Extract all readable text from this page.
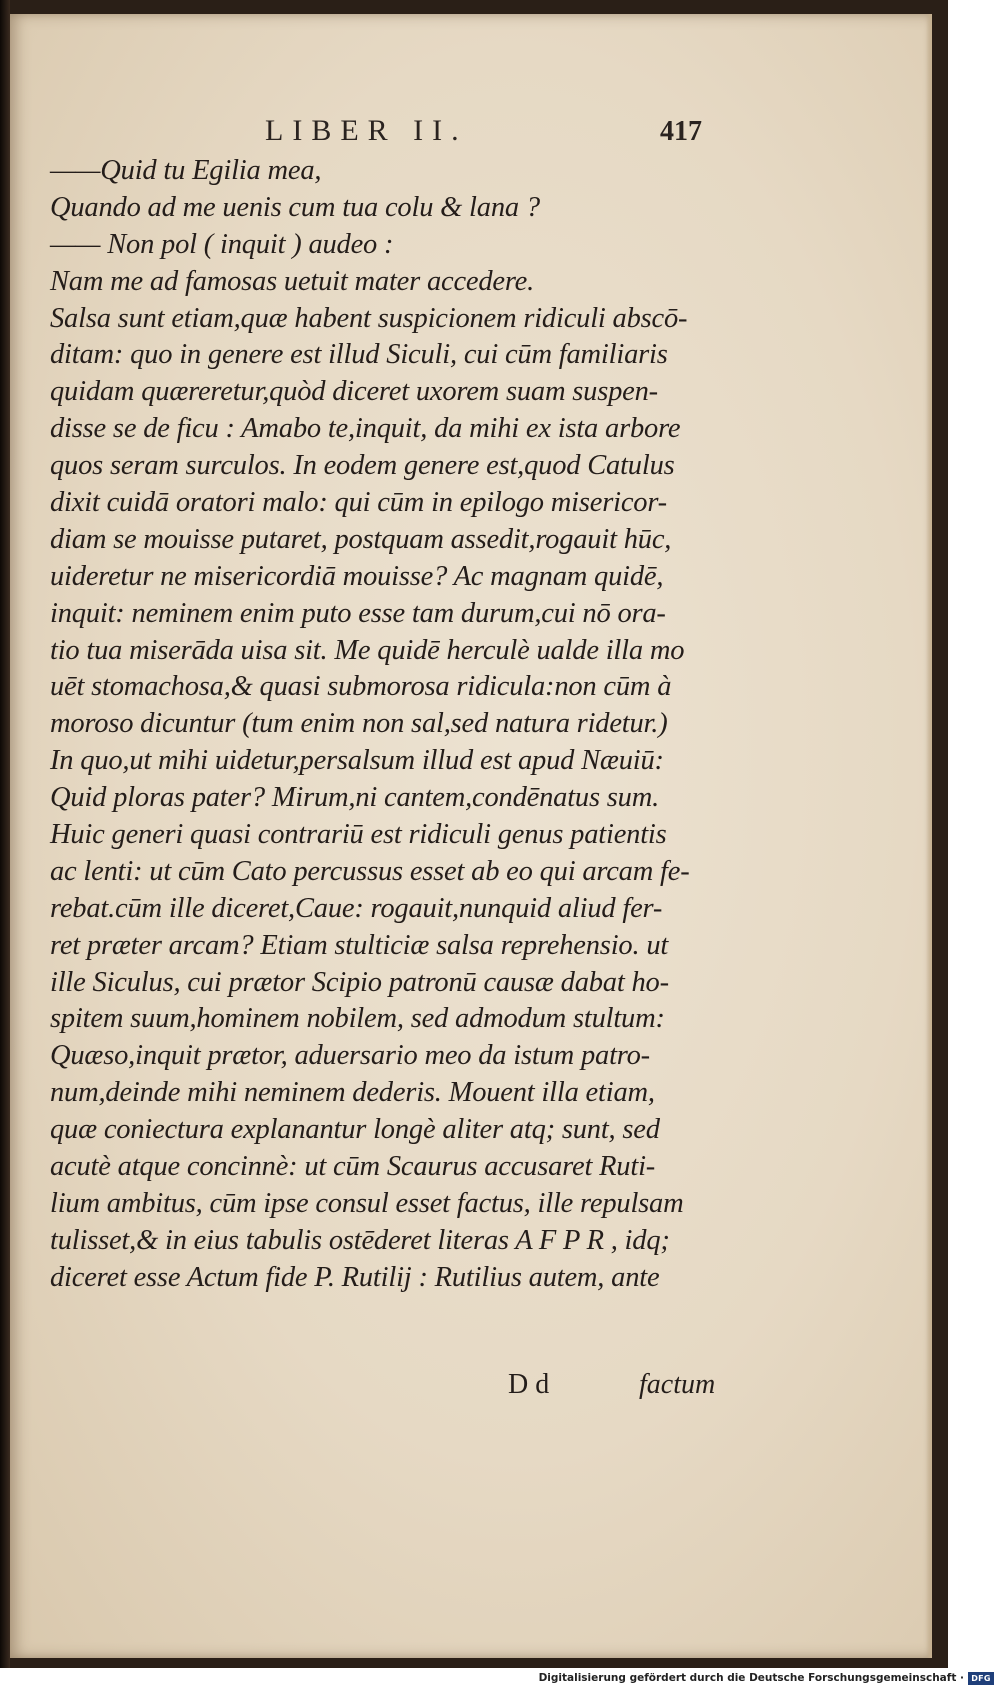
LIBER II.	417
——Quid tu Egilia mea,
Quando ad me uenis cum tua colu & lana ?
—— Non pol ( inquit ) audeo :
Nam me ad famosas uetuit mater accedere.
Salsa sunt etiam,quæ habent suspicionem ridiculi abscō-
ditam: quo in genere est illud Siculi, cui cūm familiaris
quidam quæreretur,quòd diceret uxorem suam suspen-
disse se de ficu : Amabo te,inquit, da mihi ex ista arbore
quos seram surculos. In eodem genere est,quod Catulus
dixit cuidā oratori malo: qui cūm in epilogo misericor-
diam se mouisse putaret, postquam assedit,rogauit hūc,
uideretur ne misericordiā mouisse? Ac magnam quidē,
inquit: neminem enim puto esse tam durum,cui nō ora-
tio tua miserāda uisa sit. Me quidē herculè ualde illa mo
uēt stomachosa,& quasi submorosa ridicula:non cūm à
moroso dicuntur (tum enim non sal,sed natura ridetur.)
In quo,ut mihi uidetur,persalsum illud est apud Næuiū:
Quid ploras pater? Mirum,ni cantem,condēnatus sum.
Huic generi quasi contrariū est ridiculi genus patientis
ac lenti: ut cūm Cato percussus esset ab eo qui arcam fe-
rebat.cūm ille diceret,Caue: rogauit,nunquid aliud fer-
ret præter arcam? Etiam stulticiæ salsa reprehensio. ut
ille Siculus, cui prætor Scipio patronū causæ dabat ho-
spitem suum,hominem nobilem, sed admodum stultum:
Quæso,inquit prætor, aduersario meo da istum patro-
num,deinde mihi neminem dederis. Mouent illa etiam,
quæ coniectura explanantur longè aliter atq; sunt, sed
acutè atque concinnè: ut cūm Scaurus accusaret Ruti-
lium ambitus, cūm ipse consul esset factus, ille repulsam
tulisset,& in eius tabulis ostēderet literas A F P R , idq;
diceret esse Actum fide P. Rutilij : Rutilius autem, ante
D d	factum
Digitalisierung gefördert durch die Deutsche Forschungsgemeinschaft · DFG
